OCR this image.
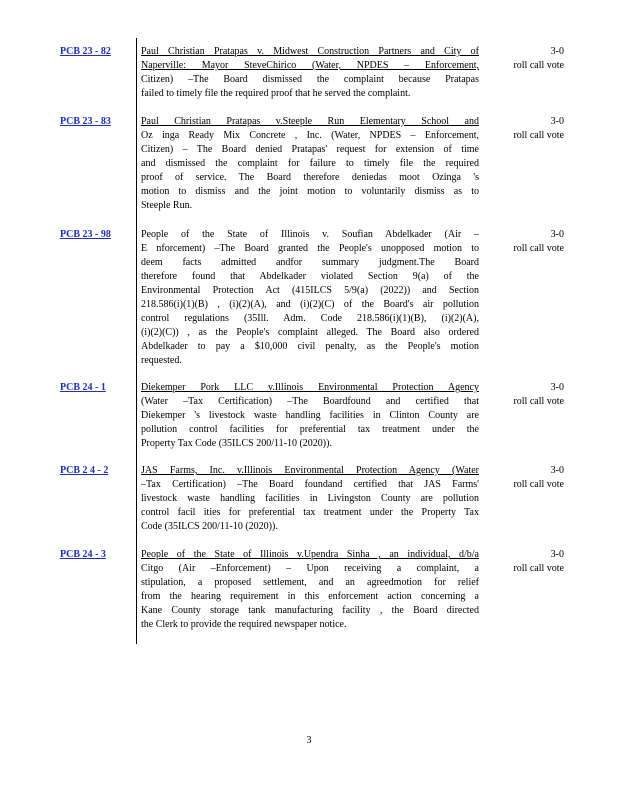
PCB 23 - 82	Paul Christian Pratapas v. Midwest Construction Partners and City of
Naperville: Mayor SteveChirico (Water, NPDES – Enforcement,
Citizen) –The Board dismissed the complaint because Pratapas
failed to timely file the required proof that he served the complaint.
3-0
roll call vote
PCB 23 - 83	Paul Christian Pratapas v.Steeple Run Elementary School and
Oz inga Ready Mix Concrete , Inc. (Water, NPDES – Enforcement,
Citizen) – The Board denied Pratapas' request for extension of time
and dismissed the complaint for failure to timely file the required
proof of service. The Board therefore deniedas moot Ozinga 's
motion to dismiss and the joint motion to voluntarily dismiss as to
Steeple Run.
3-0
roll call vote
PCB 23 - 98	People of the State of Illinois v. Soufian Abdelkader (Air –
E nforcement) –The Board granted the People's unopposed motion to
deem facts admitted andfor summary judgment.The Board
therefore found that Abdelkader violated Section 9(a) of the
Environmental Protection Act (415ILCS 5/9(a) (2022)) and Section
218.586(i)(1)(B) , (i)(2)(A), and (i)(2)(C) of the Board's air pollution
control regulations (35Ill. Adm. Code 218.586(i)(1)(B), (i)(2)(A),
(i)(2)(C)) , as the People's complaint alleged. The Board also ordered
Abdelkader to pay a $10,000 civil penalty, as the People's motion
requested.
3-0
roll call vote
PCB 24 - 1	Diekemper Pork LLC v.Illinois Environmental Protection Agency
(Water –Tax Certification) –The Boardfound and certified that
Diekemper 's livestock waste handling facilities in Clinton County are
pollution control facilities for preferential tax treatment under the
Property Tax Code (35ILCS 200/11-10 (2020)).
3-0
roll call vote
PCB 2 4 - 2	JAS Farms, Inc. v.Illinois Environmental Protection Agency (Water
–Tax Certification) –The Board foundand certified that JAS Farms'
livestock waste handling facilities in Livingston County are pollution
control facil ities for preferential tax treatment under the Property Tax
Code (35ILCS 200/11-10 (2020)).
3-0
roll call vote
PCB 24 - 3	People of the State of Illinois v.Upendra Sinha , an individual, d/b/a
Citgo (Air –Enforcement) – Upon receiving a complaint, a
stipulation, a proposed settlement, and an agreedmotion for relief
from the hearing requirement in this enforcement action concerning a
Kane County storage tank manufacturing facility , the Board directed
the Clerk to provide the required newspaper notice.
3-0
roll call vote
3
